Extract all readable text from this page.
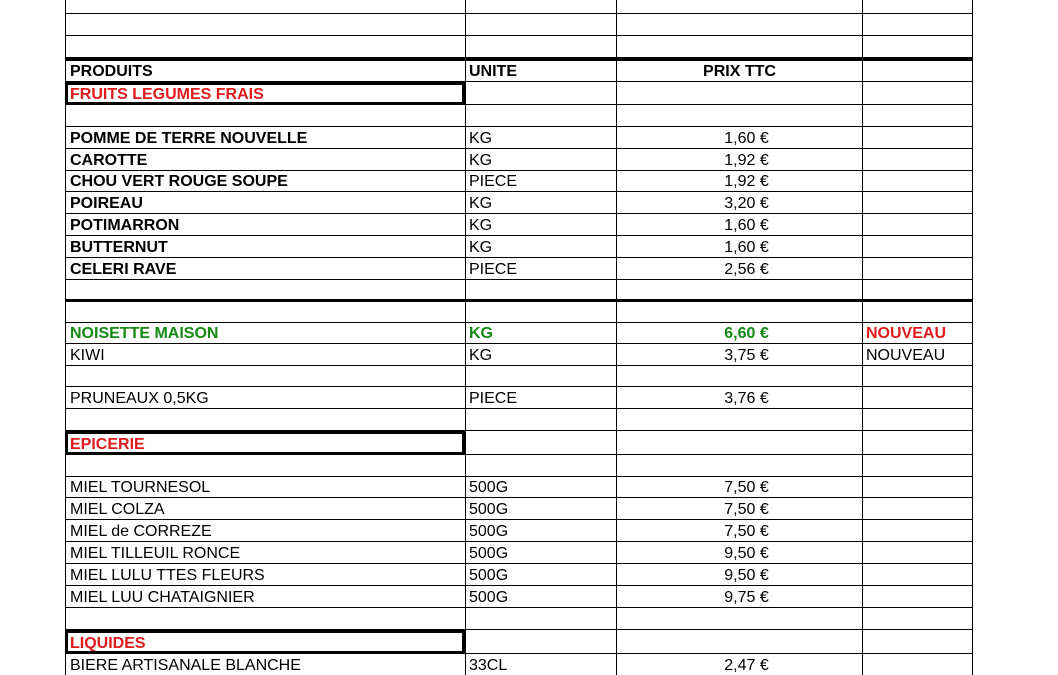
PRODUITS	UNITE	PRIX TTC
FRUITS LEGUMES FRAIS
POMME DE TERRE NOUVELLE	KG	1,60 €
CAROTTE	KG	1,92 €
CHOU VERT ROUGE SOUPE	PIECE	1,92 €
POIREAU	KG	3,20 €
POTIMARRON	KG	1,60 €
BUTTERNUT	KG	1,60 €
CELERI RAVE	PIECE	2,56 €
NOISETTE MAISON	KG	6,60 €	NOUVEAU
KIWI	KG	3,75 €	NOUVEAU
PRUNEAUX 0,5KG	PIECE	3,76 €
EPICERIE
MIEL TOURNESOL	500G	7,50 €
MIEL COLZA	500G	7,50 €
MIEL de CORREZE	500G	7,50 €
MIEL TILLEUIL RONCE	500G	9,50 €
MIEL LULU TTES FLEURS	500G	9,50 €
MIEL LUU CHATAIGNIER	500G	9,75 €
LIQUIDES
BIERE ARTISANALE BLANCHE	33CL	2,47 €
